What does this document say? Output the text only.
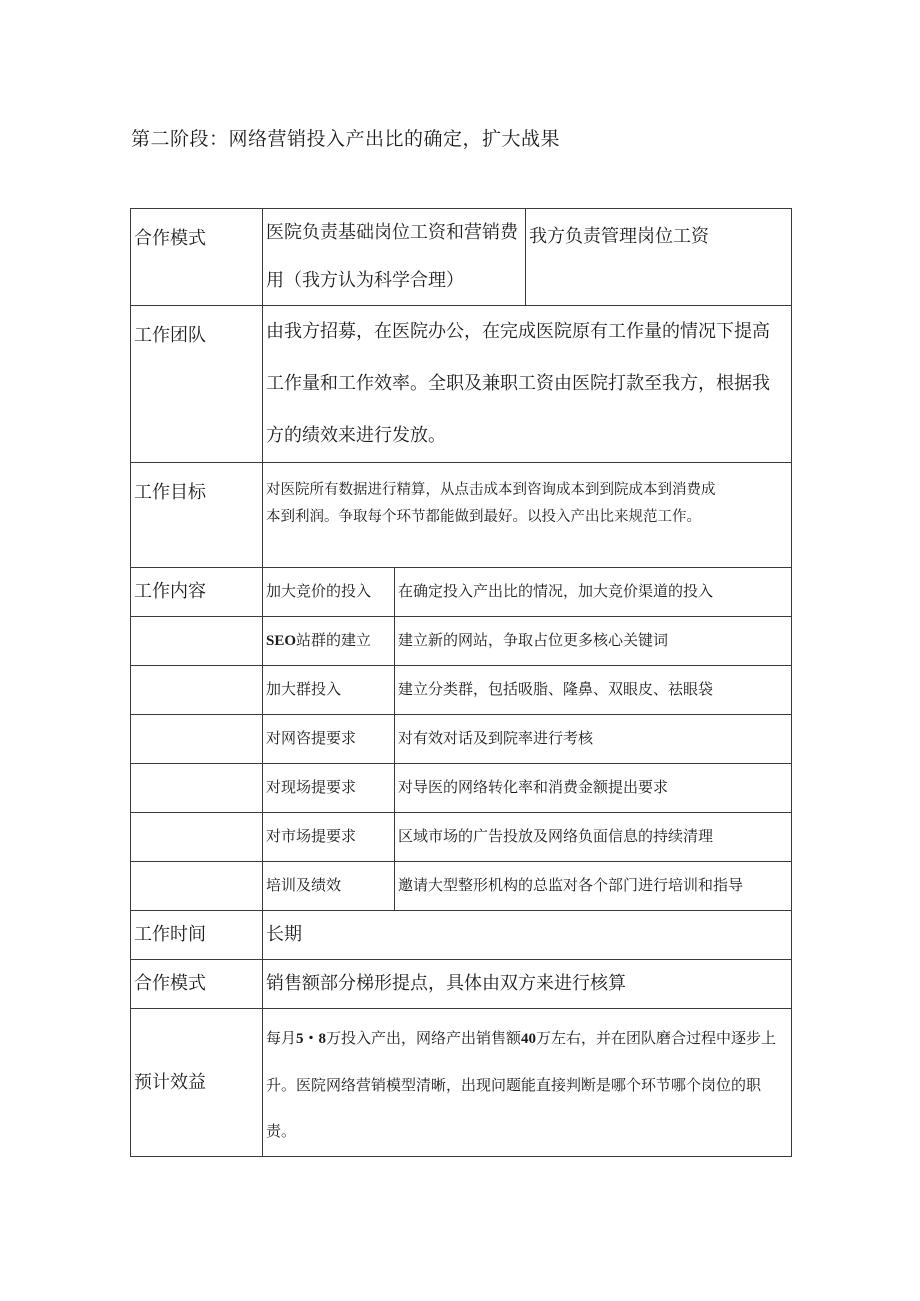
第二阶段：网络营销投入产出比的确定，扩大战果
合作模式	医院负责基础岗位工资和营销费用（我方认为科学合理）		我方负责管理岗位工资
工作团队	由我方招募，在医院办公，在完成医院原有工作量的情况下提高工作量和工作效率。全职及兼职工资由医院打款至我方，根据我方的绩效来进行发放。		
工作目标	对医院所有数据进行精算，从点击成本到咨询成本到到院成本到消费成
本到利润。争取每个环节都能做到最好。以投入产出比来规范工作。		

工作内容	加大竞价的投入	在确定投入产出比的情况，加大竞价渠道的投入	
	SEO站群的建立	建立新的网站，争取占位更多核心关键词	
	加大群投入	建立分类群，包括吸脂、隆鼻、双眼皮、祛眼袋	
	对网咨提要求	对有效对话及到院率进行考核	
	对现场提要求	对导医的网络转化率和消费金额提出要求	
	对市场提要求	区域市场的广告投放及网络负面信息的持续清理	
	培训及绩效	邀请大型整形机构的总监对各个部门进行培训和指导	
工作时间	长期		
合作模式	销售额部分梯形提点，具体由双方来进行核算		
预计效益	每月5・8万投入产出，网络产出销售额40万左右，并在团队磨合过程中逐步上升。医院网络营销模型清晰，出现问题能直接判断是哪个环节哪个岗位的职责。		
